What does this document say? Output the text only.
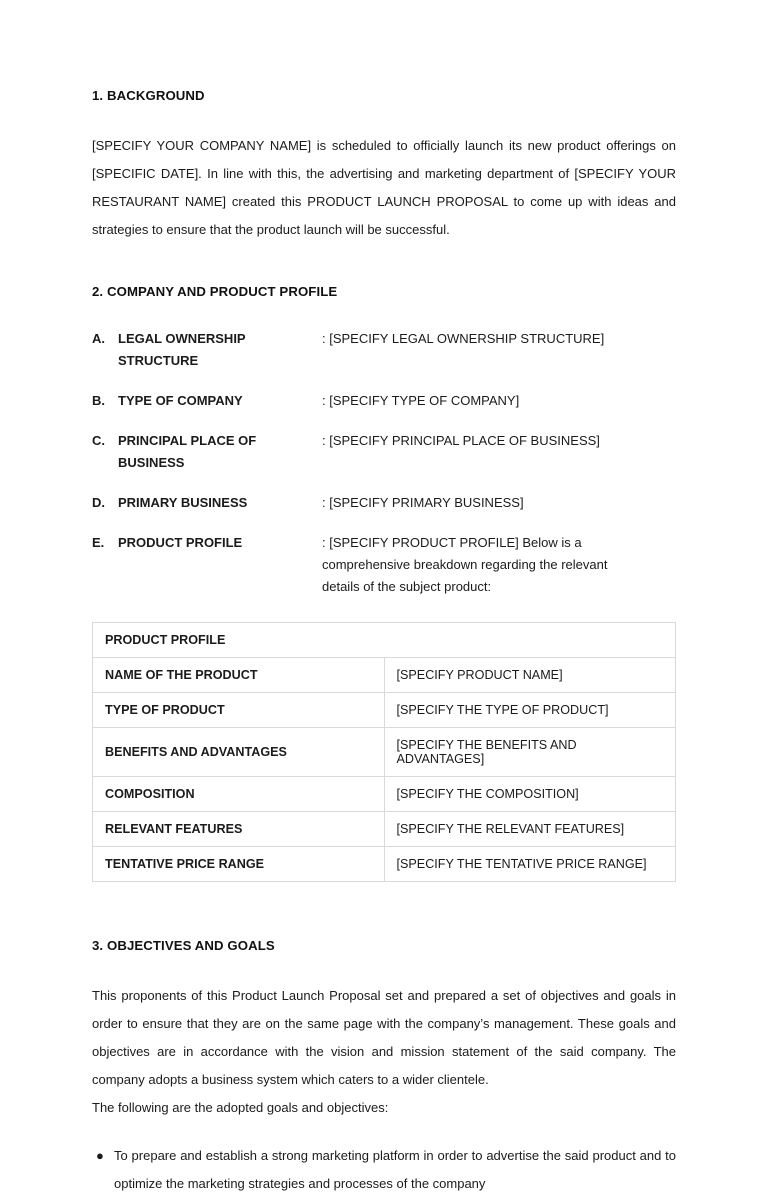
1. BACKGROUND

[SPECIFY YOUR COMPANY NAME] is scheduled to officially launch its new product offerings on [SPECIFIC DATE]. In line with this, the advertising and marketing department of [SPECIFY YOUR RESTAURANT NAME] created this PRODUCT LAUNCH PROPOSAL to come up with ideas and strategies to ensure that the product launch will be successful.

2. COMPANY AND PRODUCT PROFILE
A. LEGAL OWNERSHIP STRUCTURE: [SPECIFY LEGAL OWNERSHIP STRUCTURE]
B. TYPE OF COMPANY	: [SPECIFY TYPE OF COMPANY]
C. PRINCIPAL PLACE OF BUSINESS: [SPECIFY PRINCIPAL PLACE OF BUSINESS]
D. PRIMARY BUSINESS	: [SPECIFY PRIMARY BUSINESS]
E. PRODUCT PROFILE	: [SPECIFY PRODUCT PROFILE] Below is a comprehensive breakdown regarding the relevant details of the subject product:
PRODUCT PROFILE	
NAME OF THE PRODUCT	[SPECIFY PRODUCT NAME]
TYPE OF PRODUCT	[SPECIFY THE TYPE OF PRODUCT]
BENEFITS AND ADVANTAGES	[SPECIFY THE BENEFITS AND ADVANTAGES]
COMPOSITION	[SPECIFY THE COMPOSITION]
RELEVANT FEATURES	[SPECIFY THE RELEVANT FEATURES]
TENTATIVE PRICE RANGE	[SPECIFY THE TENTATIVE PRICE RANGE]
3. OBJECTIVES AND GOALS

This proponents of this Product Launch Proposal set and prepared a set of objectives and goals in order to ensure that they are on the same page with the company’s management. These goals and objectives are in accordance with the vision and mission statement of the said company. The company adopts a business system which caters to a wider clientele.

The following are the adopted goals and objectives:

● To prepare and establish a strong marketing platform in order to advertise the said product and to optimize the marketing strategies and processes of the company
